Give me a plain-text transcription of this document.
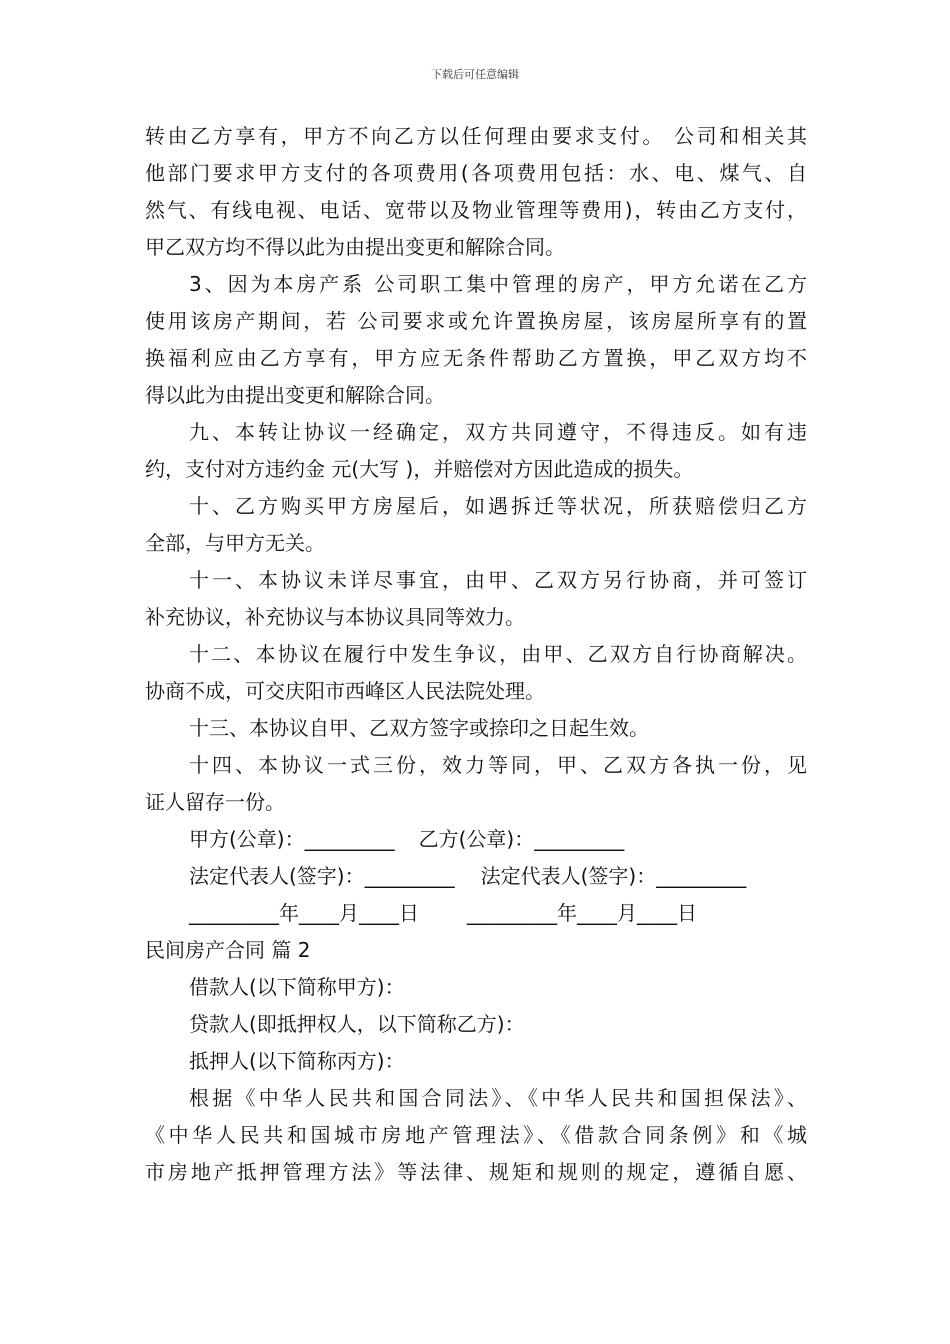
下载后可任意编辑
转由乙方享有，甲方不向乙方以任何理由要求支付。 公司和相关其
他部门要求甲方支付的各项费用(各项费用包括：水、电、煤气、自
然气、有线电视、电话、宽带以及物业管理等费用)，转由乙方支付，
甲乙双方均不得以此为由提出变更和解除合同。
3、因为本房产系 公司职工集中管理的房产，甲方允诺在乙方
使用该房产期间，若 公司要求或允许置换房屋，该房屋所享有的置
换福利应由乙方享有，甲方应无条件帮助乙方置换，甲乙双方均不
得以此为由提出变更和解除合同。
九、本转让协议一经确定，双方共同遵守，不得违反。如有违
约，支付对方违约金 元(大写 )，并赔偿对方因此造成的损失。
十、乙方购买甲方房屋后，如遇拆迁等状况，所获赔偿归乙方
全部，与甲方无关。
十一、本协议未详尽事宜，由甲、乙双方另行协商，并可签订
补充协议，补充协议与本协议具同等效力。
十二、本协议在履行中发生争议，由甲、乙双方自行协商解决。
协商不成，可交庆阳市西峰区人民法院处理。
十三、本协议自甲、乙双方签字或捺印之日起生效。
十四、本协议一式三份，效力等同，甲、乙双方各执一份，见
证人留存一份。
甲方(公章)：_________ 乙方(公章)：_________
法定代表人(签字)：_________ 法定代表人(签字)：_________
_________年____月____日 _________年____月____日
民间房产合同 篇 2
借款人(以下简称甲方)：
贷款人(即抵押权人，以下简称乙方)：
抵押人(以下简称丙方)：
根据《中华人民共和国合同法》、《中华人民共和国担保法》、
《中华人民共和国城市房地产管理法》、《借款合同条例》和《城
市房地产抵押管理方法》等法律、规矩和规则的规定，遵循自愿、
